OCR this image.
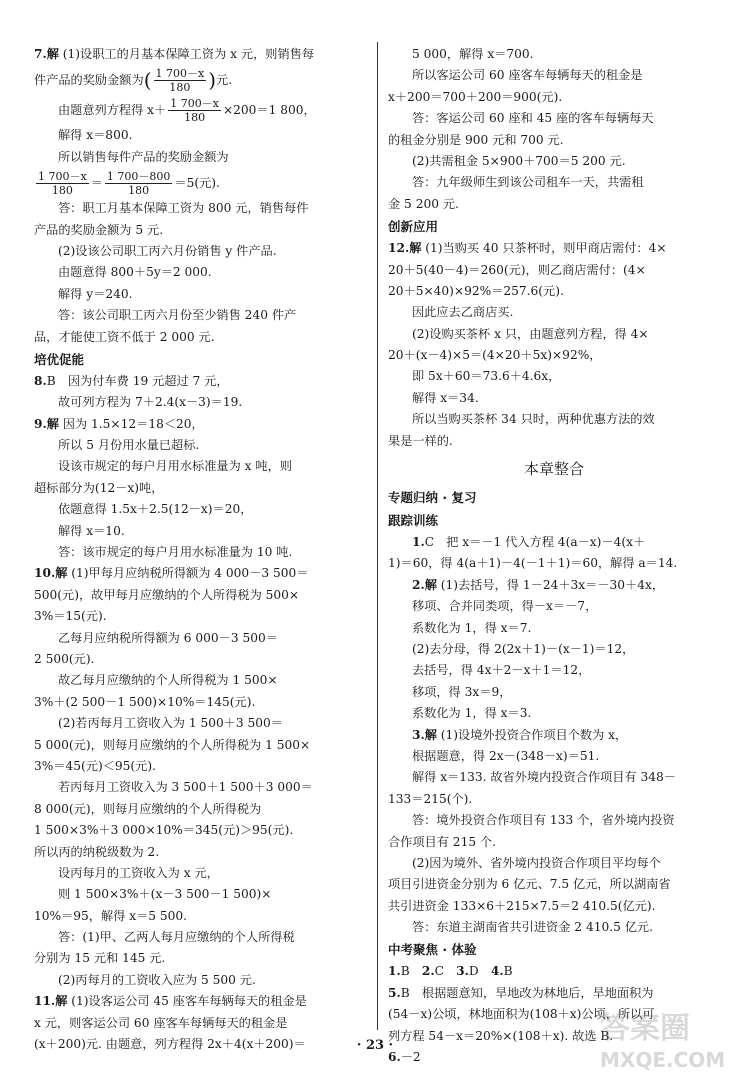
7.解 (1)设职工的月基本保障工资为 x 元，则销售每
件产品的奖励金额为 ( $\frac{1 700-x}{180}$ ) 元.
由题意列方程得 $x+ \frac{1 700-x}{180} \times 200=1$ 800，
解得 x＝800.
所以销售每件产品的奖励金额为
$\frac{1 700-x}{180} = \frac{1 700-800}{180} =5$(元).
答：职工月基本保障工资为 800 元，销售每件
产品的奖励金额为 5 元.
(2)设该公司职工丙六月份销售 y 件产品.
由题意得 800＋5y＝2 000.
解得 y＝240.
答：该公司职工丙六月份至少销售 240 件产
品，才能使工资不低于 2 000 元.
培优促能
8.B　因为付车费 19 元超过 7 元，
故可列方程为 7＋2.4(x－3)＝19.
9.解 因为 1.5×12＝18＜20，
所以 5 月份用水量已超标.
设该市规定的每户月用水标准量为 x 吨，则
超标部分为(12－x)吨，
依题意得 1.5x＋2.5(12－x)＝20，
解得 x＝10.
答：该市规定的每户月用水标准量为 10 吨.
10.解 (1)甲每月应纳税所得额为 4 000－3 500＝
500(元)，故甲每月应缴纳的个人所得税为 500×
3%＝15(元).
乙每月应纳税所得额为 6 000－3 500＝
2 500(元).
故乙每月应缴纳的个人所得税为 1 500×
3%＋(2 500－1 500)×10%＝145(元).
(2)若丙每月工资收入为 1 500＋3 500＝
5 000(元)，则每月应缴纳的个人所得税为 1 500×
3%＝45(元)＜95(元).
若丙每月工资收入为 3 500＋1 500＋3 000＝
8 000(元)，则每月应缴纳的个人所得税为
1 500×3%＋3 000×10%＝345(元)＞95(元).
所以丙的纳税级数为 2.
设丙每月的工资收入为 x 元，
则 1 500×3%＋(x－3 500－1 500)×
10%＝95，解得 x＝5 500.
答：(1)甲、乙两人每月应缴纳的个人所得税
分别为 15 元和 145 元.
(2)丙每月的工资收入应为 5 500 元.
11.解 (1)设客运公司 45 座客车每辆每天的租金是
x 元，则客运公司 60 座客车每辆每天的租金是
(x＋200)元. 由题意，列方程得 2x＋4(x＋200)＝
5 000，解得 x＝700.
所以客运公司 60 座客车每辆每天的租金是
x＋200＝700＋200＝900(元).
答：客运公司 60 座和 45 座的客车每辆每天
的租金分别是 900 元和 700 元.
(2)共需租金 5×900＋700＝5 200 元.
答：九年级师生到该公司租车一天，共需租
金 5 200 元.
创新应用
12.解 (1)当购买 40 只茶杯时，则甲商店需付：4×
20＋5(40－4)＝260(元)，则乙商店需付：(4×
20＋5×40)×92%＝257.6(元).
因此应去乙商店买.
(2)设购买茶杯 x 只，由题意列方程，得 4×
20＋(x－4)×5＝(4×20＋5x)×92%，
即 5x＋60＝73.6＋4.6x，
解得 x＝34.
所以当购买茶杯 34 只时，两种优惠方法的效
果是一样的.
本章整合
专题归纳 · 复习
跟踪训练
1.C　把 x＝－1 代入方程 4(a－x)－4(x＋
1)＝60，得 4(a＋1)－4(－1＋1)＝60，解得 a＝14.
2.解 (1)去括号，得 1－24＋3x＝－30＋4x，
移项、合并同类项，得－x＝－7，
系数化为 1，得 x＝7.
(2)去分母，得 2(2x＋1)－(x－1)＝12，
去括号，得 4x＋2－x＋1＝12，
移项，得 3x＝9，
系数化为 1，得 x＝3.
3.解 (1)设境外投资合作项目个数为 x，
根据题意，得 2x－(348－x)＝51.
解得 x＝133. 故省外境内投资合作项目有 348－
133＝215(个).
答：境外投资合作项目有 133 个，省外境内投资
合作项目有 215 个.
(2)因为境外、省外境内投资合作项目平均每个
项目引进资金分别为 6 亿元、7.5 亿元，所以湖南省
共引进资金 133×6＋215×7.5＝2 410.5(亿元).
答：东道主湖南省共引进资金 2 410.5 亿元.
中考聚焦 · 体验
1.B　2.C　3.D　4.B
5.B　根据题意知，旱地改为林地后，旱地面积为
(54－x)公顷，林地面积为(108＋x)公顷，所以可
列方程 54－x＝20%×(108＋x). 故选 B.
6.－2
· 23 ·	答案圈
MXQE.COM
